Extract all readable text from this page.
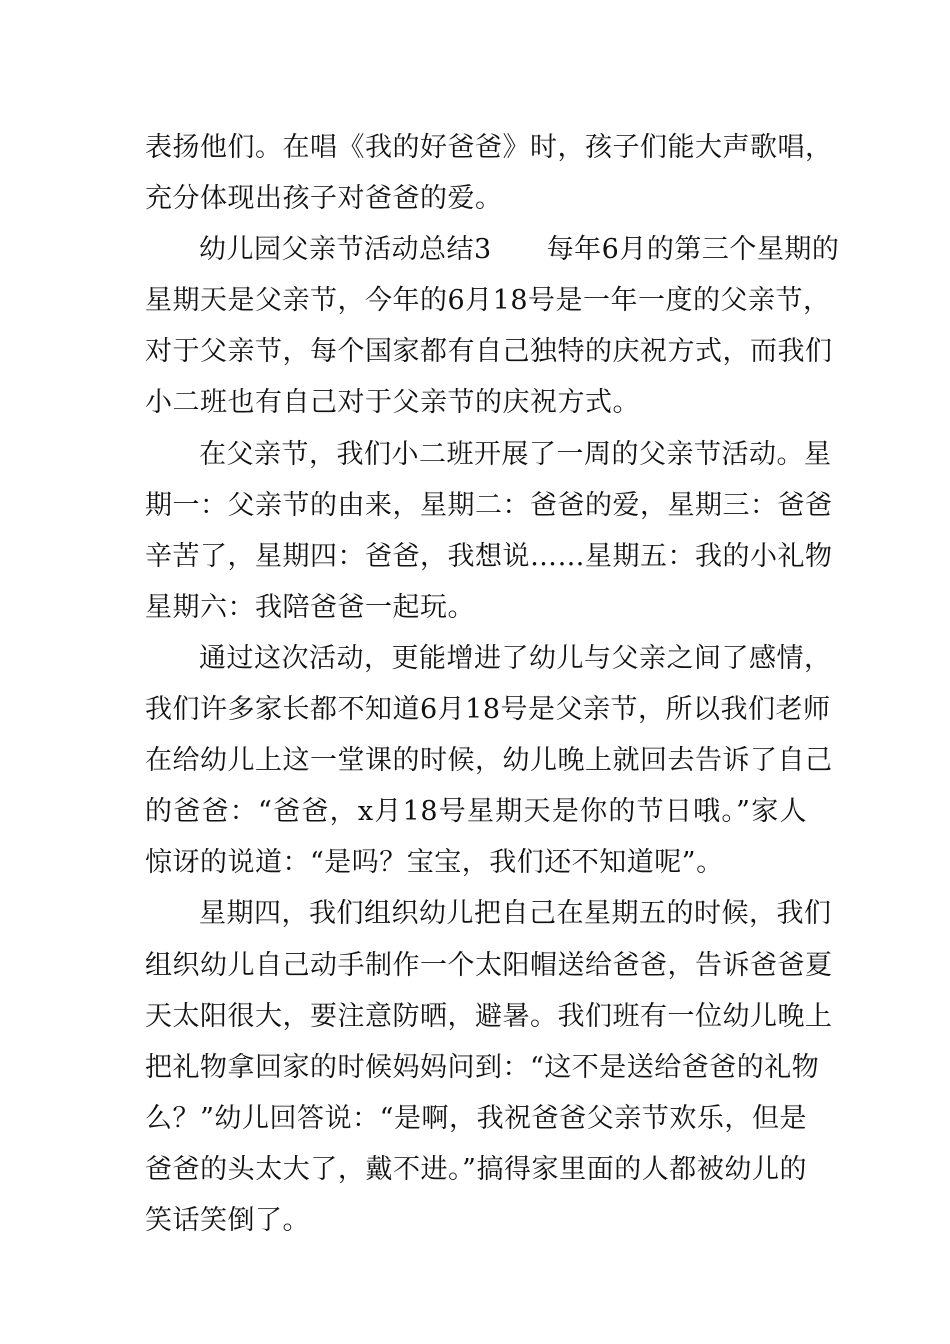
表扬他们。在唱《我的好爸爸》时，孩子们能大声歌唱，
充分体现出孩子对爸爸的爱。
幼儿园父亲节活动总结3　　每年6月的第三个星期的
星期天是父亲节，今年的6月18号是一年一度的父亲节，
对于父亲节，每个国家都有自己独特的庆祝方式，而我们
小二班也有自己对于父亲节的庆祝方式。
在父亲节，我们小二班开展了一周的父亲节活动。星
期一：父亲节的由来，星期二：爸爸的爱，星期三：爸爸
辛苦了，星期四：爸爸，我想说……星期五：我的小礼物
星期六：我陪爸爸一起玩。
通过这次活动，更能增进了幼儿与父亲之间了感情，
我们许多家长都不知道6月18号是父亲节，所以我们老师
在给幼儿上这一堂课的时候，幼儿晚上就回去告诉了自己
的爸爸：“爸爸，x月18号星期天是你的节日哦。”家人
惊讶的说道：“是吗？宝宝，我们还不知道呢”。
星期四，我们组织幼儿把自己在星期五的时候，我们
组织幼儿自己动手制作一个太阳帽送给爸爸，告诉爸爸夏
天太阳很大，要注意防晒，避暑。我们班有一位幼儿晚上
把礼物拿回家的时候妈妈问到：“这不是送给爸爸的礼物
么？”幼儿回答说：“是啊，我祝爸爸父亲节欢乐，但是
爸爸的头太大了，戴不进。”搞得家里面的人都被幼儿的
笑话笑倒了。
